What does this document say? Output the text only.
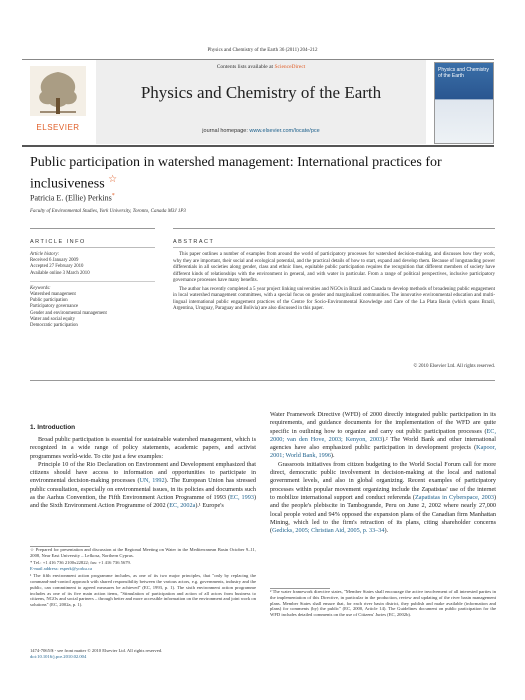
Physics and Chemistry of the Earth 36 (2011) 204–212
ELSEVIER
Contents lists available at ScienceDirect
Physics and Chemistry of the Earth
journal homepage: www.elsevier.com/locate/pce
Physics and Chemistry of the Earth
Public participation in watershed management: International practices for inclusiveness ☆
Patricia E. (Ellie) Perkins*
Faculty of Environmental Studies, York University, Toronto, Canada M3J 1P3
ARTICLE INFO	ABSTRACT
Article history:
Received 6 January 2009
Accepted 27 February 2010
Available online 3 March 2010
Keywords:
Watershed management
Public participation
Participatory governance
Gender and environmental management
Water and social equity
Democratic participation

This paper outlines a number of examples from around the world of participatory processes for watershed decision-making, and discusses how they work, why they are important, their social and ecological potential, and the practical details of how to start, expand and develop them. Because of longstanding power differentials in all societies along gender, class and ethnic lines, equitable public participation requires the recognition that different members of society have different kinds of relationships with the environment in general, and with water in particular. From a range of political perspectives, inclusive participatory governance processes have many benefits.

The author has recently completed a 5 year project linking universities and NGOs in Brazil and Canada to develop methods of broadening public engagement in local watershed management committees, with a special focus on gender and marginalized communities. The innovative environmental education and multi-lingual international public engagement practices of the Centre for Socio-Environmental Knowledge and Care of the La Plata Basin (which spans Brazil, Argentina, Uruguay, Paraguay and Bolivia) are also discussed in this paper.

© 2010 Elsevier Ltd. All rights reserved.
1. Introduction

Broad public participation is essential for sustainable watershed management, which is recognized in a wide range of policy statements, academic papers, and activist programmes world-wide. To cite just a few examples:

Principle 10 of the Rio Declaration on Environment and Development emphasized that citizens should have access to information and opportunities to participate in environmental decision-making processes (UN, 1992). The European Union has stressed public consultation, especially on environmental issues, in its policies and documents such as the Aarhus Convention, the Fifth Environment Action Programme of 1993 (EC, 1993) and the Sixth Environment Action Programme of 2002 (EC, 2002a).¹ Europe's

Water Framework Directive (WFD) of 2000 directly integrated public participation in its requirements, and guidance documents for the implementation of the WFD are quite specific in outlining how to organize and carry out public participation processes (EC, 2000; van den Hove, 2003; Kenyon, 2003).² The World Bank and other international agencies have also emphasized public participation in development projects (Kapoor, 2001; World Bank, 1996).

Grassroots initiatives from citizen budgeting to the World Social Forum call for more direct, democratic public involvement in decision-making at the local and national government levels, and also in global organizing. Recent examples of participatory processes within popular movement organizing include the Zapatistas' use of the internet to mobilize international support and conduct referenda (Zapatistas in Cyberspace, 2003) and the people's plebiscite in Tambogrande, Peru on June 2, 2002 where nearly 27,000 local people voted and 94% opposed the expansion plans of the Canadian firm Manhattan Mining, which led to the firm's retraction of its plans, citing shareholder concerns (Gedicks, 2005; Christian Aid, 2005, p. 33–34).

☆ Prepared for presentation and discussion at the Regional Meeting on Water in the Mediterranean Basin October 9–11, 2008, Near East University – Lefkosa, Northern Cyprus.

* Tel.: +1 416 736 2100x22822; fax: +1 416 736 5679.

E-mail address: esperk@yorku.ca

¹ The fifth environment action programme includes, as one of its two major principles, that "only by replacing the command-and-control approach with shared responsibility between the various actors, e.g. governments, industry and the public, can commitment to agreed measures be achieved" (EC, 1993, p. 1). The sixth environment action programme includes as one of its five main action items, "Stimulation of participation and action of all actors from business to citizens, NGOs and social partners – through better and more accessible information on the environment and joint work on solutions" (EC, 2002a, p. 1).

² The water framework directive states, "Member States shall encourage the active involvement of all interested parties in the implementation of this Directive, in particular in the production, review and updating of the river basin management plans. Member States shall ensure that, for each river basin district, they publish and make available (information and plans) for comments (by) the public" (EC, 2000, Article 14). The Guidelines document on public participation for the WFD includes detailed comments on the use of Citizens' Juries (EC, 2002b).

1474-7065/$ - see front matter © 2010 Elsevier Ltd. All rights reserved.
doi:10.1016/j.pce.2010.02.004
